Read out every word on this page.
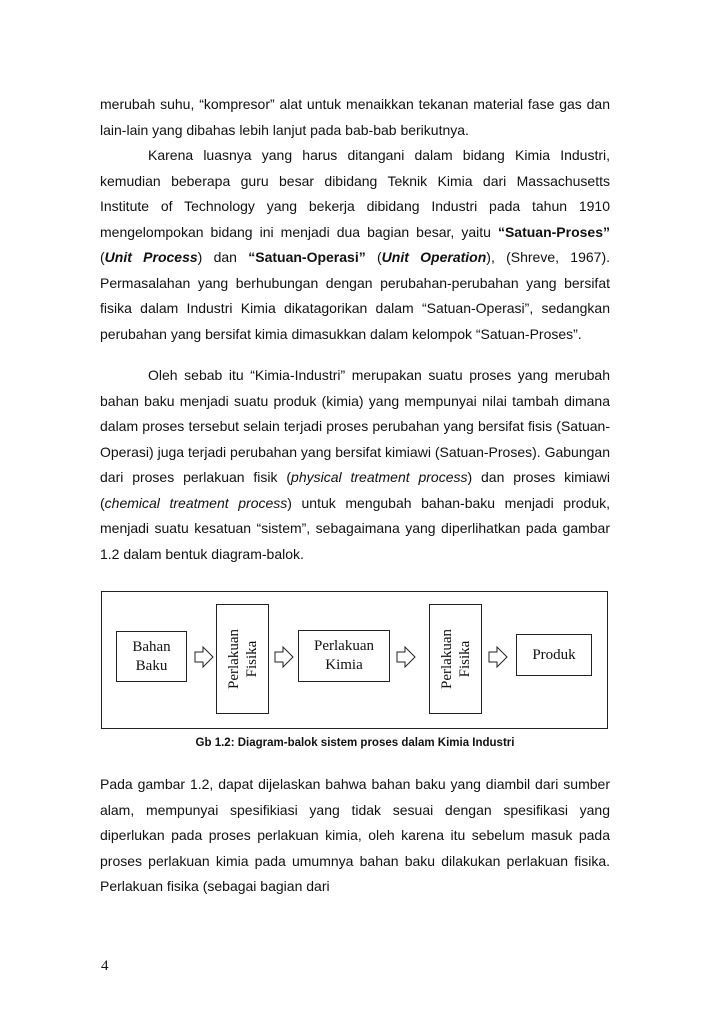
merubah suhu, “kompresor” alat untuk menaikkan tekanan material fase gas dan lain-lain yang dibahas lebih lanjut pada bab-bab berikutnya.

Karena luasnya yang harus ditangani dalam bidang Kimia Industri, kemudian beberapa guru besar dibidang Teknik Kimia dari Massachusetts Institute of Technology yang bekerja dibidang Industri pada tahun 1910 mengelompokan bidang ini menjadi dua bagian besar, yaitu “Satuan-Proses” (Unit Process) dan “Satuan-Operasi” (Unit Operation), (Shreve, 1967). Permasalahan yang berhubungan dengan perubahan-perubahan yang bersifat fisika dalam Industri Kimia dikatagorikan dalam “Satuan-Operasi”, sedangkan perubahan yang bersifat kimia dimasukkan dalam kelompok “Satuan-Proses”.

Oleh sebab itu “Kimia-Industri” merupakan suatu proses yang merubah bahan baku menjadi suatu produk (kimia) yang mempunyai nilai tambah dimana dalam proses tersebut selain terjadi proses perubahan yang bersifat fisis (Satuan-Operasi) juga terjadi perubahan yang bersifat kimiawi (Satuan-Proses). Gabungan dari proses perlakuan fisik (physical treatment process) dan proses kimiawi (chemical treatment process) untuk mengubah bahan-baku menjadi produk, menjadi suatu kesatuan “sistem”, sebagaimana yang diperlihatkan pada gambar 1.2 dalam bentuk diagram-balok.

Bahan
Baku	Perlakuan
Fisika	Perlakuan
Kimia	Perlakuan
Fisika	Produk
Gb 1.2: Diagram-balok sistem proses dalam Kimia Industri

Pada gambar 1.2, dapat dijelaskan bahwa bahan baku yang diambil dari sumber alam, mempunyai spesifikiasi yang tidak sesuai dengan spesifikasi yang diperlukan pada proses perlakuan kimia, oleh karena itu sebelum masuk pada proses perlakuan kimia pada umumnya bahan baku dilakukan perlakuan fisika. Perlakuan fisika (sebagai bagian dari

4
